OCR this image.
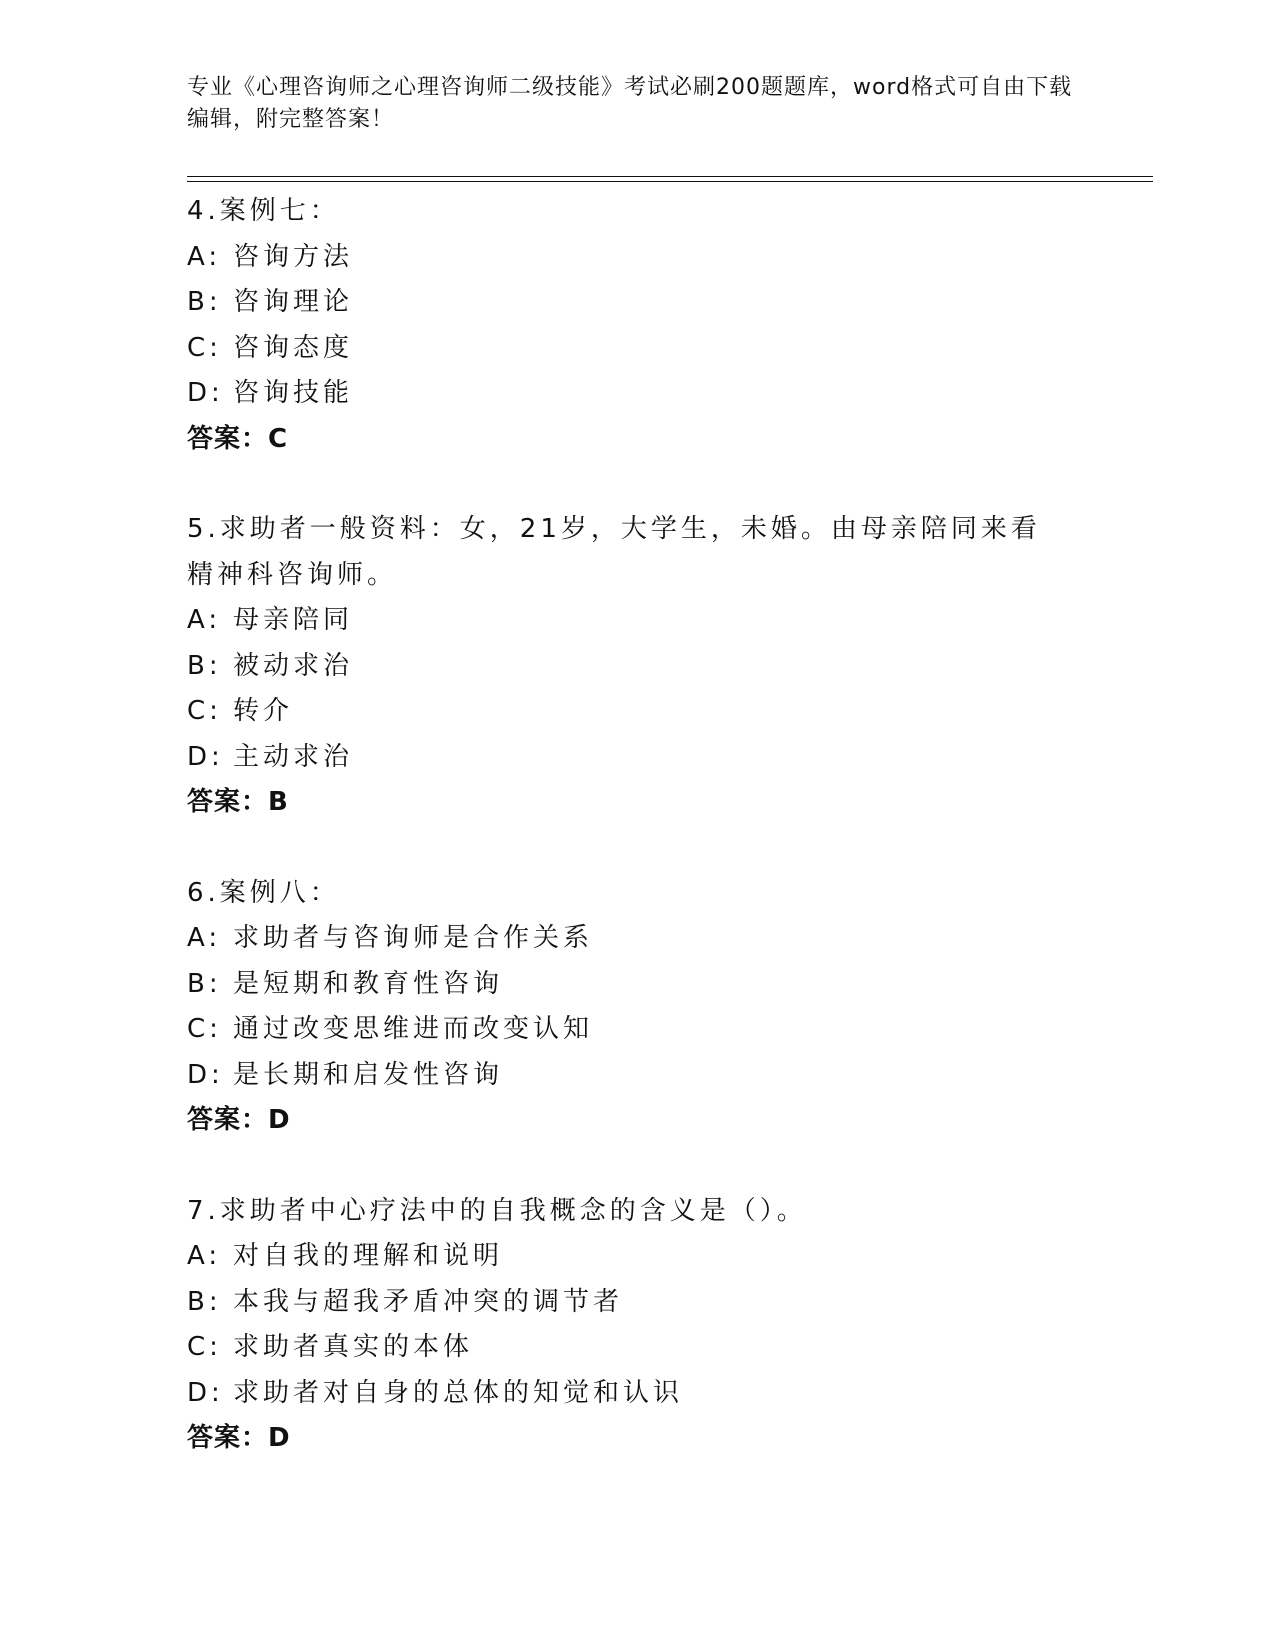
专业《心理咨询师之心理咨询师二级技能》考试必刷200题题库，word格式可自由下载编辑，附完整答案！
4.案例七：
A: 咨询方法
B: 咨询理论
C: 咨询态度
D: 咨询技能
答案：C
5.求助者一般资料：女，21岁，大学生，未婚。由母亲陪同来看精神科咨询师。
A: 母亲陪同
B: 被动求治
C: 转介
D: 主动求治
答案：B
6.案例八：
A: 求助者与咨询师是合作关系
B: 是短期和教育性咨询
C: 通过改变思维进而改变认知
D: 是长期和启发性咨询
答案：D
7.求助者中心疗法中的自我概念的含义是（）。
A: 对自我的理解和说明
B: 本我与超我矛盾冲突的调节者
C: 求助者真实的本体
D: 求助者对自身的总体的知觉和认识
答案：D
